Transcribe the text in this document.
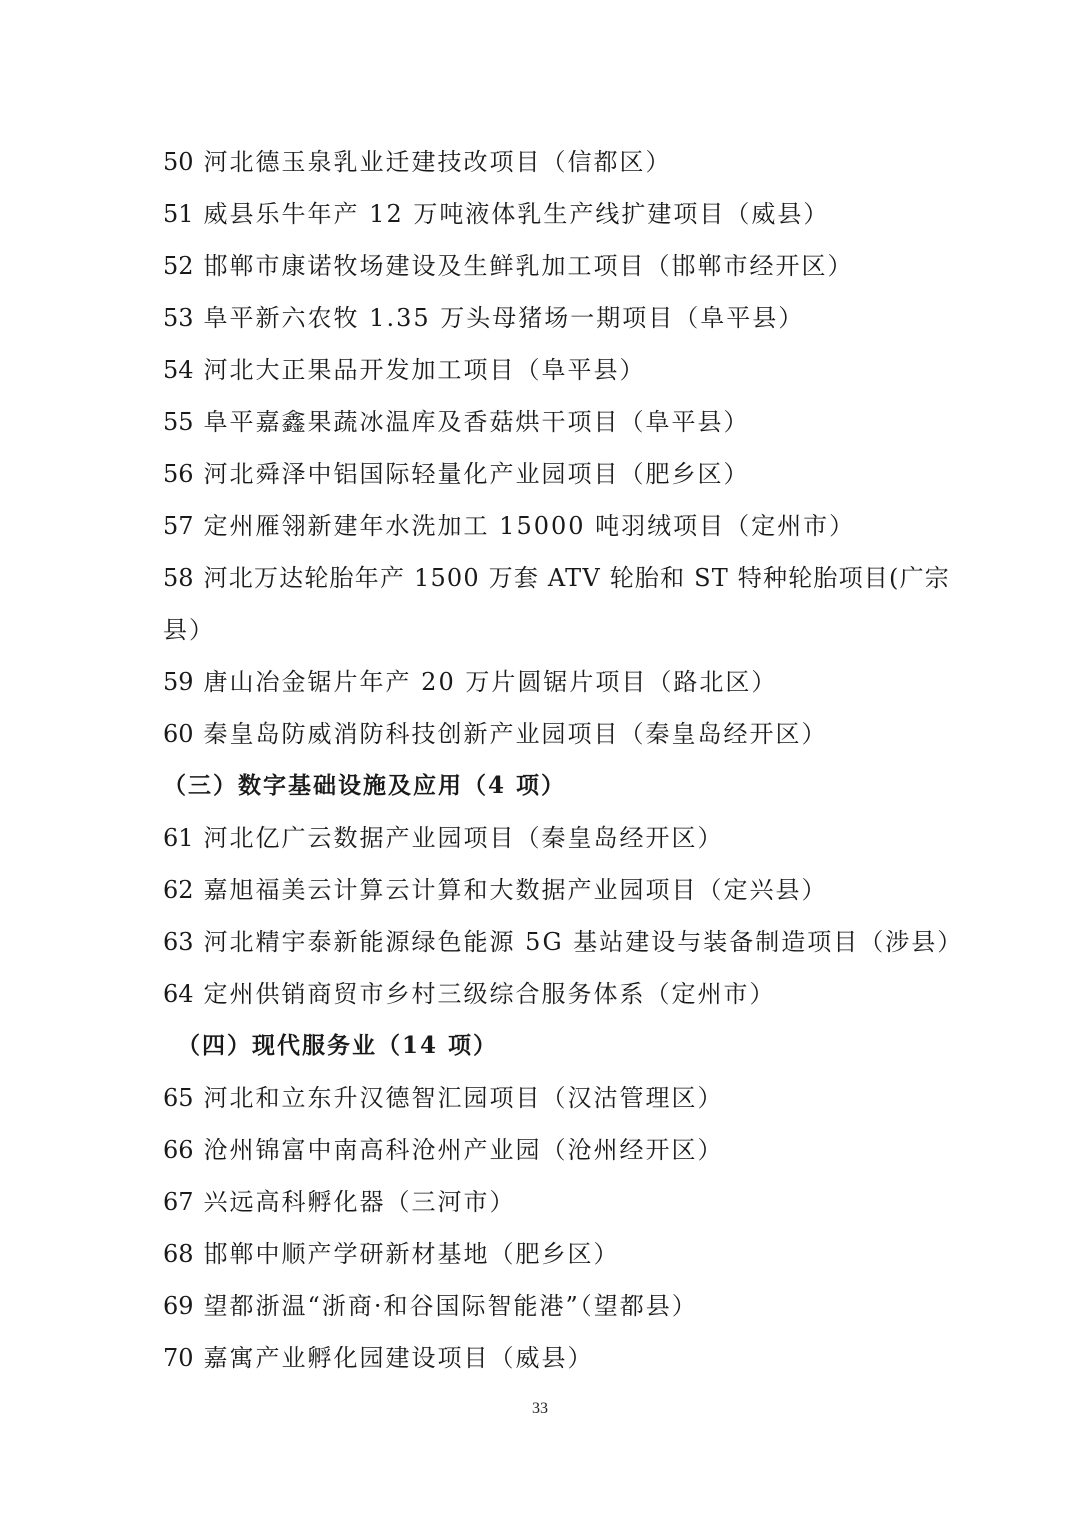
50 河北德玉泉乳业迁建技改项目（信都区）
51 威县乐牛年产 12 万吨液体乳生产线扩建项目（威县）
52 邯郸市康诺牧场建设及生鲜乳加工项目（邯郸市经开区）
53 阜平新六农牧 1.35 万头母猪场一期项目（阜平县）
54 河北大正果品开发加工项目（阜平县）
55 阜平嘉鑫果蔬冰温库及香菇烘干项目（阜平县）
56 河北舜泽中铝国际轻量化产业园项目（肥乡区）
57 定州雁翎新建年水洗加工 15000 吨羽绒项目（定州市）
58 河北万达轮胎年产 1500 万套 ATV 轮胎和 ST 特种轮胎项目(广宗
县）
59 唐山冶金锯片年产 20 万片圆锯片项目（路北区）
60 秦皇岛防威消防科技创新产业园项目（秦皇岛经开区）
（三）数字基础设施及应用（4 项）
61 河北亿广云数据产业园项目（秦皇岛经开区）
62 嘉旭福美云计算云计算和大数据产业园项目（定兴县）
63 河北精宇泰新能源绿色能源 5G 基站建设与装备制造项目（涉县）
64 定州供销商贸市乡村三级综合服务体系（定州市）
（四）现代服务业（14 项）
65 河北和立东升汉德智汇园项目（汉沽管理区）
66 沧州锦富中南高科沧州产业园（沧州经开区）
67 兴远高科孵化器（三河市）
68 邯郸中顺产学研新材基地（肥乡区）
69 望都浙温“浙商·和谷国际智能港”（望都县）
70 嘉寓产业孵化园建设项目（威县）
33
